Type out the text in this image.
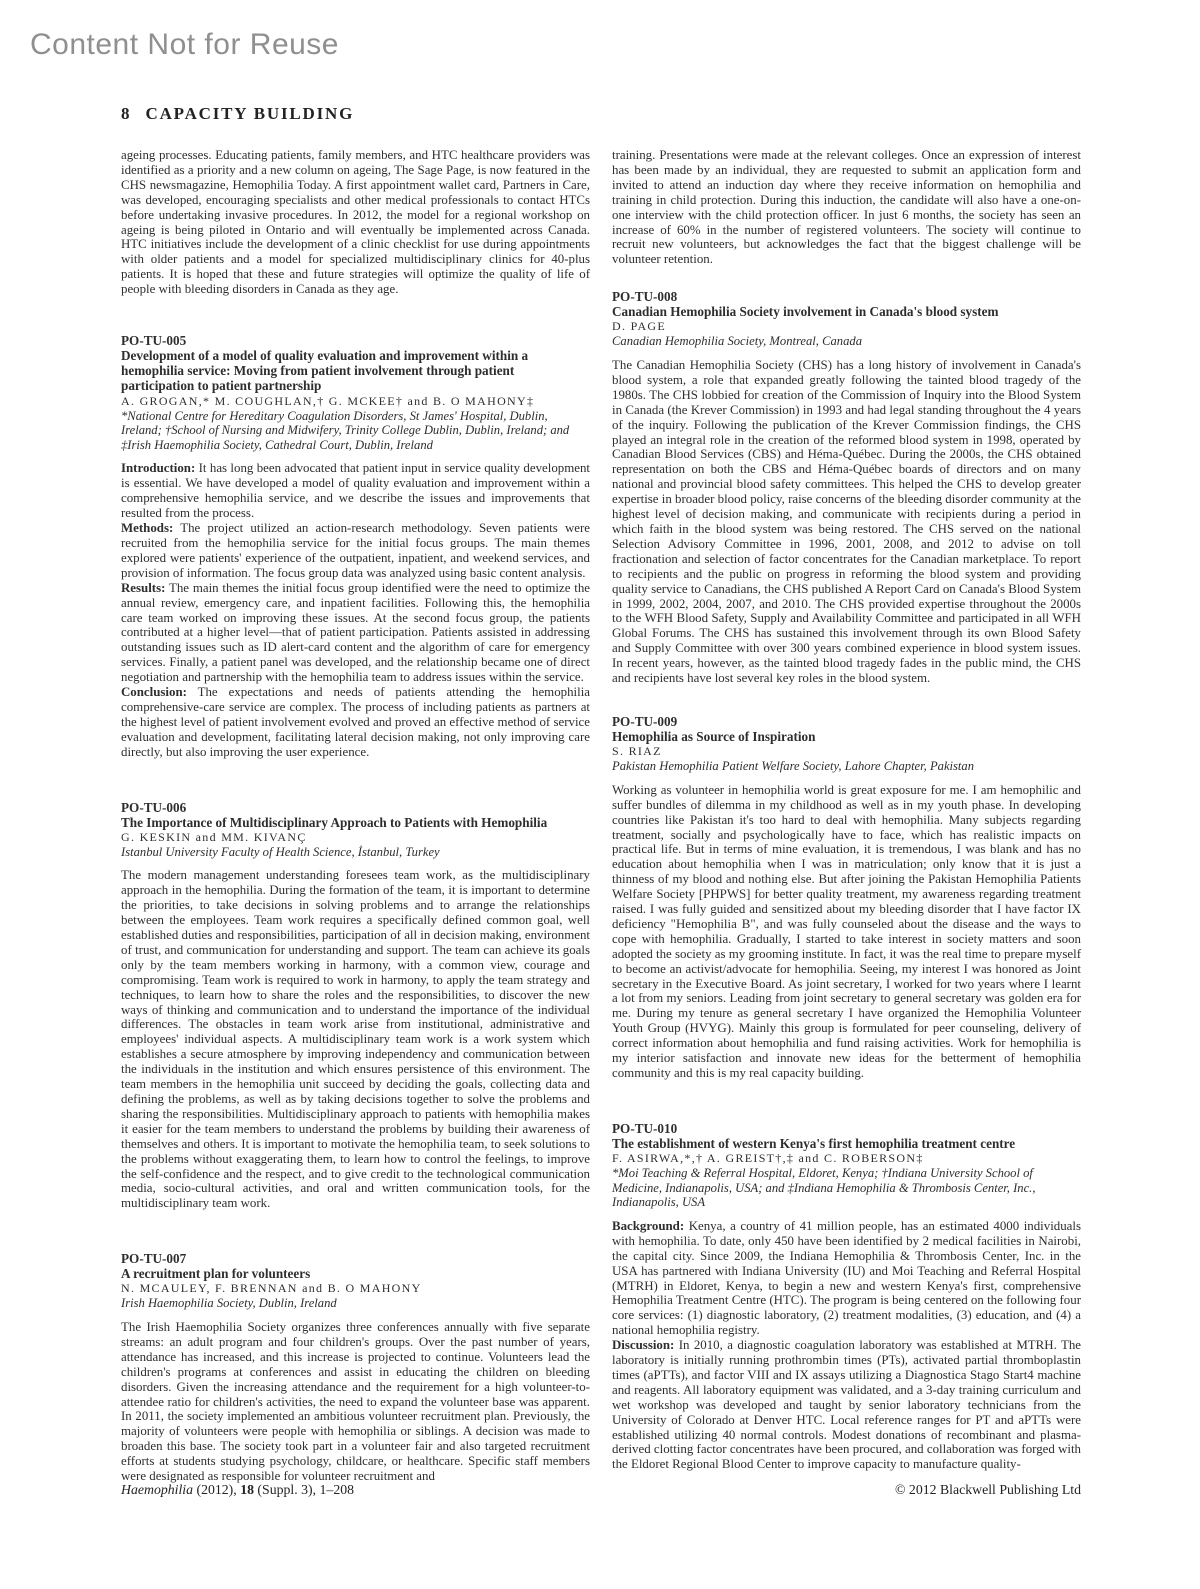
Content Not for Reuse
8 CAPACITY BUILDING

ageing processes. Educating patients, family members, and HTC healthcare providers was identified as a priority and a new column on ageing, The Sage Page, is now featured in the CHS newsmagazine, Hemophilia Today. A first appointment wallet card, Partners in Care, was developed, encouraging specialists and other medical professionals to contact HTCs before undertaking invasive procedures. In 2012, the model for a regional workshop on ageing is being piloted in Ontario and will eventually be implemented across Canada. HTC initiatives include the development of a clinic checklist for use during appointments with older patients and a model for specialized multidisciplinary clinics for 40-plus patients. It is hoped that these and future strategies will optimize the quality of life of people with bleeding disorders in Canada as they age.

PO-TU-005
Development of a model of quality evaluation and improvement within a hemophilia service: Moving from patient involvement through patient participation to patient partnership
A. GROGAN,* M. COUGHLAN,† G. MCKEE† and B. O MAHONY‡
*National Centre for Hereditary Coagulation Disorders, St James' Hospital, Dublin, Ireland; †School of Nursing and Midwifery, Trinity College Dublin, Dublin, Ireland; and ‡Irish Haemophilia Society, Cathedral Court, Dublin, Ireland

Introduction: It has long been advocated that patient input in service quality development is essential. We have developed a model of quality evaluation and improvement within a comprehensive hemophilia service, and we describe the issues and improvements that resulted from the process.

Methods: The project utilized an action-research methodology. Seven patients were recruited from the hemophilia service for the initial focus groups. The main themes explored were patients' experience of the outpatient, inpatient, and weekend services, and provision of information. The focus group data was analyzed using basic content analysis.

Results: The main themes the initial focus group identified were the need to optimize the annual review, emergency care, and inpatient facilities. Following this, the hemophilia care team worked on improving these issues. At the second focus group, the patients contributed at a higher level—that of patient participation. Patients assisted in addressing outstanding issues such as ID alert-card content and the algorithm of care for emergency services. Finally, a patient panel was developed, and the relationship became one of direct negotiation and partnership with the hemophilia team to address issues within the service.

Conclusion: The expectations and needs of patients attending the hemophilia comprehensive-care service are complex. The process of including patients as partners at the highest level of patient involvement evolved and proved an effective method of service evaluation and development, facilitating lateral decision making, not only improving care directly, but also improving the user experience.

PO-TU-006
The Importance of Multidisciplinary Approach to Patients with Hemophilia
G. KESKIN and MM. KIVANÇ
Istanbul University Faculty of Health Science, İstanbul, Turkey

The modern management understanding foresees team work, as the multidisciplinary approach in the hemophilia. During the formation of the team, it is important to determine the priorities, to take decisions in solving problems and to arrange the relationships between the employees. Team work requires a specifically defined common goal, well established duties and responsibilities, participation of all in decision making, environment of trust, and communication for understanding and support. The team can achieve its goals only by the team members working in harmony, with a common view, courage and compromising. Team work is required to work in harmony, to apply the team strategy and techniques, to learn how to share the roles and the responsibilities, to discover the new ways of thinking and communication and to understand the importance of the individual differences. The obstacles in team work arise from institutional, administrative and employees' individual aspects. A multidisciplinary team work is a work system which establishes a secure atmosphere by improving independency and communication between the individuals in the institution and which ensures persistence of this environment. The team members in the hemophilia unit succeed by deciding the goals, collecting data and defining the problems, as well as by taking decisions together to solve the problems and sharing the responsibilities. Multidisciplinary approach to patients with hemophilia makes it easier for the team members to understand the problems by building their awareness of themselves and others. It is important to motivate the hemophilia team, to seek solutions to the problems without exaggerating them, to learn how to control the feelings, to improve the self-confidence and the respect, and to give credit to the technological communication media, socio-cultural activities, and oral and written communication tools, for the multidisciplinary team work.

PO-TU-007
A recruitment plan for volunteers
N. MCAULEY, F. BRENNAN and B. O MAHONY
Irish Haemophilia Society, Dublin, Ireland

The Irish Haemophilia Society organizes three conferences annually with five separate streams: an adult program and four children's groups. Over the past number of years, attendance has increased, and this increase is projected to continue. Volunteers lead the children's programs at conferences and assist in educating the children on bleeding disorders. Given the increasing attendance and the requirement for a high volunteer-to-attendee ratio for children's activities, the need to expand the volunteer base was apparent. In 2011, the society implemented an ambitious volunteer recruitment plan. Previously, the majority of volunteers were people with hemophilia or siblings. A decision was made to broaden this base. The society took part in a volunteer fair and also targeted recruitment efforts at students studying psychology, childcare, or healthcare. Specific staff members were designated as responsible for volunteer recruitment and

training. Presentations were made at the relevant colleges. Once an expression of interest has been made by an individual, they are requested to submit an application form and invited to attend an induction day where they receive information on hemophilia and training in child protection. During this induction, the candidate will also have a one-on-one interview with the child protection officer. In just 6 months, the society has seen an increase of 60% in the number of registered volunteers. The society will continue to recruit new volunteers, but acknowledges the fact that the biggest challenge will be volunteer retention.

PO-TU-008
Canadian Hemophilia Society involvement in Canada's blood system
D. PAGE
Canadian Hemophilia Society, Montreal, Canada

The Canadian Hemophilia Society (CHS) has a long history of involvement in Canada's blood system, a role that expanded greatly following the tainted blood tragedy of the 1980s. The CHS lobbied for creation of the Commission of Inquiry into the Blood System in Canada (the Krever Commission) in 1993 and had legal standing throughout the 4 years of the inquiry. Following the publication of the Krever Commission findings, the CHS played an integral role in the creation of the reformed blood system in 1998, operated by Canadian Blood Services (CBS) and Héma-Québec. During the 2000s, the CHS obtained representation on both the CBS and Héma-Québec boards of directors and on many national and provincial blood safety committees. This helped the CHS to develop greater expertise in broader blood policy, raise concerns of the bleeding disorder community at the highest level of decision making, and communicate with recipients during a period in which faith in the blood system was being restored. The CHS served on the national Selection Advisory Committee in 1996, 2001, 2008, and 2012 to advise on toll fractionation and selection of factor concentrates for the Canadian marketplace. To report to recipients and the public on progress in reforming the blood system and providing quality service to Canadians, the CHS published A Report Card on Canada's Blood System in 1999, 2002, 2004, 2007, and 2010. The CHS provided expertise throughout the 2000s to the WFH Blood Safety, Supply and Availability Committee and participated in all WFH Global Forums. The CHS has sustained this involvement through its own Blood Safety and Supply Committee with over 300 years combined experience in blood system issues. In recent years, however, as the tainted blood tragedy fades in the public mind, the CHS and recipients have lost several key roles in the blood system.

PO-TU-009
Hemophilia as Source of Inspiration
S. RIAZ
Pakistan Hemophilia Patient Welfare Society, Lahore Chapter, Pakistan

Working as volunteer in hemophilia world is great exposure for me. I am hemophilic and suffer bundles of dilemma in my childhood as well as in my youth phase. In developing countries like Pakistan it's too hard to deal with hemophilia. Many subjects regarding treatment, socially and psychologically have to face, which has realistic impacts on practical life. But in terms of mine evaluation, it is tremendous, I was blank and has no education about hemophilia when I was in matriculation; only know that it is just a thinness of my blood and nothing else. But after joining the Pakistan Hemophilia Patients Welfare Society [PHPWS] for better quality treatment, my awareness regarding treatment raised. I was fully guided and sensitized about my bleeding disorder that I have factor IX deficiency "Hemophilia B", and was fully counseled about the disease and the ways to cope with hemophilia. Gradually, I started to take interest in society matters and soon adopted the society as my grooming institute. In fact, it was the real time to prepare myself to become an activist/advocate for hemophilia. Seeing, my interest I was honored as Joint secretary in the Executive Board. As joint secretary, I worked for two years where I learnt a lot from my seniors. Leading from joint secretary to general secretary was golden era for me. During my tenure as general secretary I have organized the Hemophilia Volunteer Youth Group (HVYG). Mainly this group is formulated for peer counseling, delivery of correct information about hemophilia and fund raising activities. Work for hemophilia is my interior satisfaction and innovate new ideas for the betterment of hemophilia community and this is my real capacity building.

PO-TU-010
The establishment of western Kenya's first hemophilia treatment centre
F. ASIRWA,*,† A. GREIST†,‡ and C. ROBERSON‡
*Moi Teaching & Referral Hospital, Eldoret, Kenya; †Indiana University School of Medicine, Indianapolis, USA; and ‡Indiana Hemophilia & Thrombosis Center, Inc., Indianapolis, USA

Background: Kenya, a country of 41 million people, has an estimated 4000 individuals with hemophilia. To date, only 450 have been identified by 2 medical facilities in Nairobi, the capital city. Since 2009, the Indiana Hemophilia & Thrombosis Center, Inc. in the USA has partnered with Indiana University (IU) and Moi Teaching and Referral Hospital (MTRH) in Eldoret, Kenya, to begin a new and western Kenya's first, comprehensive Hemophilia Treatment Centre (HTC). The program is being centered on the following four core services: (1) diagnostic laboratory, (2) treatment modalities, (3) education, and (4) a national hemophilia registry.

Discussion: In 2010, a diagnostic coagulation laboratory was established at MTRH. The laboratory is initially running prothrombin times (PTs), activated partial thromboplastin times (aPTTs), and factor VIII and IX assays utilizing a Diagnostica Stago Start4 machine and reagents. All laboratory equipment was validated, and a 3-day training curriculum and wet workshop was developed and taught by senior laboratory technicians from the University of Colorado at Denver HTC. Local reference ranges for PT and aPTTs were established utilizing 40 normal controls. Modest donations of recombinant and plasma-derived clotting factor concentrates have been procured, and collaboration was forged with the Eldoret Regional Blood Center to improve capacity to manufacture quality-

Haemophilia (2012), 18 (Suppl. 3), 1–208	© 2012 Blackwell Publishing Ltd
